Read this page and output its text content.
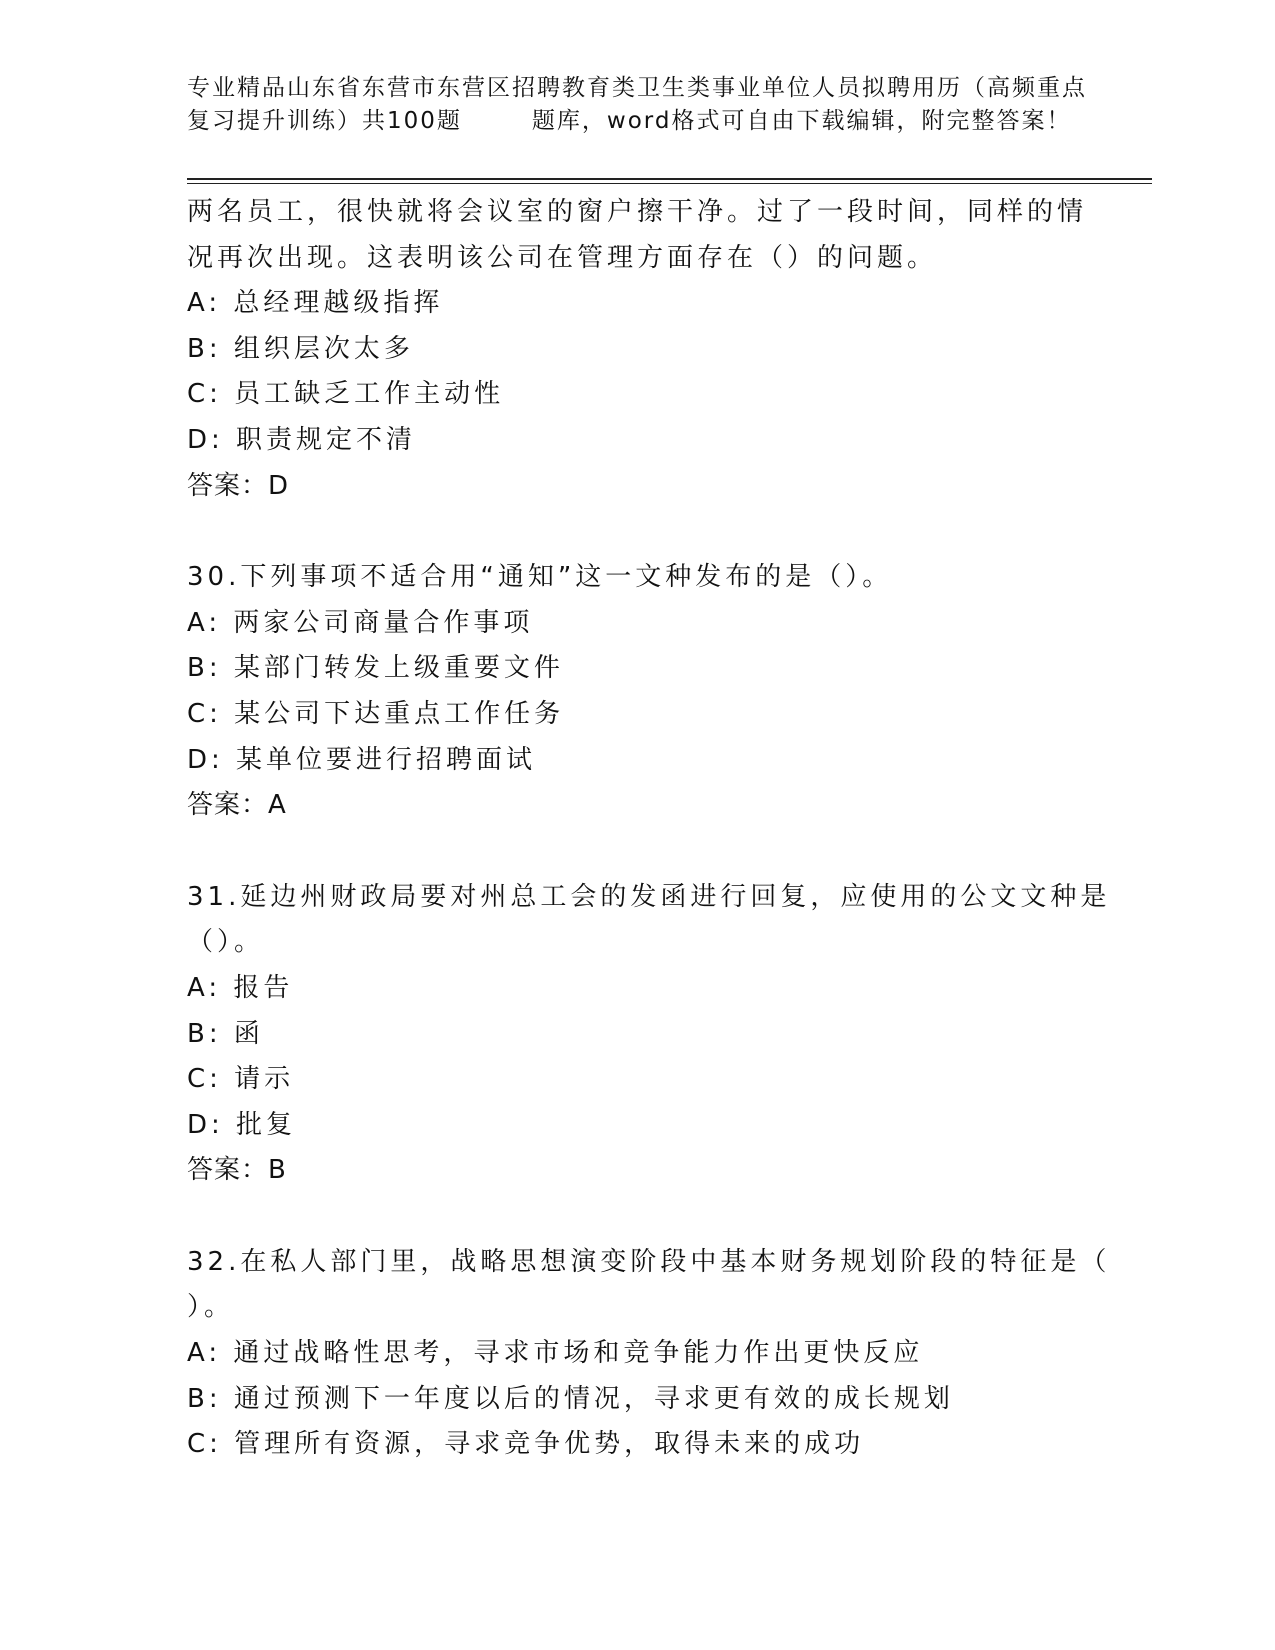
专业精品山东省东营市东营区招聘教育类卫生类事业单位人员拟聘用历（高频重点
复习提升训练）共100题	题库，word格式可自由下载编辑，附完整答案！
两名员工，很快就将会议室的窗户擦干净。过了一段时间，同样的情
况再次出现。这表明该公司在管理方面存在（）的问题。
A: 总经理越级指挥
B: 组织层次太多
C: 员工缺乏工作主动性
D: 职责规定不清
答案：D
30.下列事项不适合用“通知”这一文种发布的是（）。
A: 两家公司商量合作事项
B: 某部门转发上级重要文件
C: 某公司下达重点工作任务
D: 某单位要进行招聘面试
答案：A
31.延边州财政局要对州总工会的发函进行回复，应使用的公文文种是
（）。
A: 报告
B: 函
C: 请示
D: 批复
答案：B
32.在私人部门里，战略思想演变阶段中基本财务规划阶段的特征是（
）。
A: 通过战略性思考，寻求市场和竞争能力作出更快反应
B: 通过预测下一年度以后的情况，寻求更有效的成长规划
C: 管理所有资源，寻求竞争优势，取得未来的成功
